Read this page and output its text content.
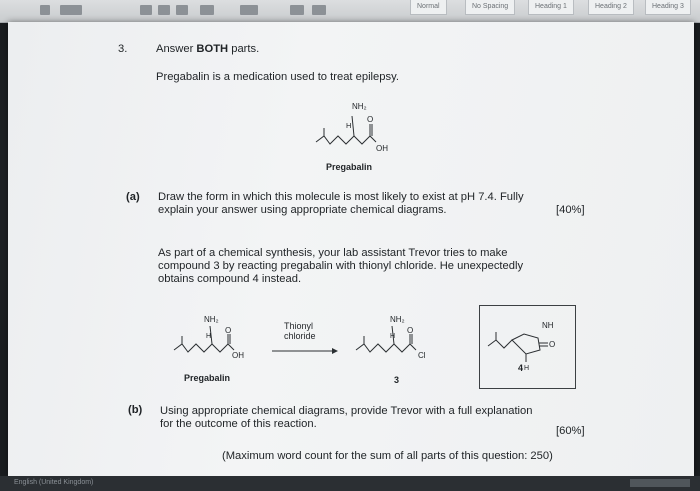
Normal	No Spacing	Heading 1	Heading 2	Heading 3
3.	Answer BOTH parts.
Pregabalin is a medication used to treat epilepsy.
NH₂
H
O
OH
Pregabalin
(a) Draw the form in which this molecule is most likely to exist at pH 7.4. Fully
explain your answer using appropriate chemical diagrams.	[40%]
As part of a chemical synthesis, your lab assistant Trevor tries to make
compound 3 by reacting pregabalin with thionyl chloride. He unexpectedly
obtains compound 4 instead.
NH₂
H
O
OH
Pregabalin
Thionyl
chloride
NH₂
H
O
Cl
3
NH
O
H
4
(b) Using appropriate chemical diagrams, provide Trevor with a full explanation
for the outcome of this reaction.
[60%]
(Maximum word count for the sum of all parts of this question: 250)
English (United Kingdom)
